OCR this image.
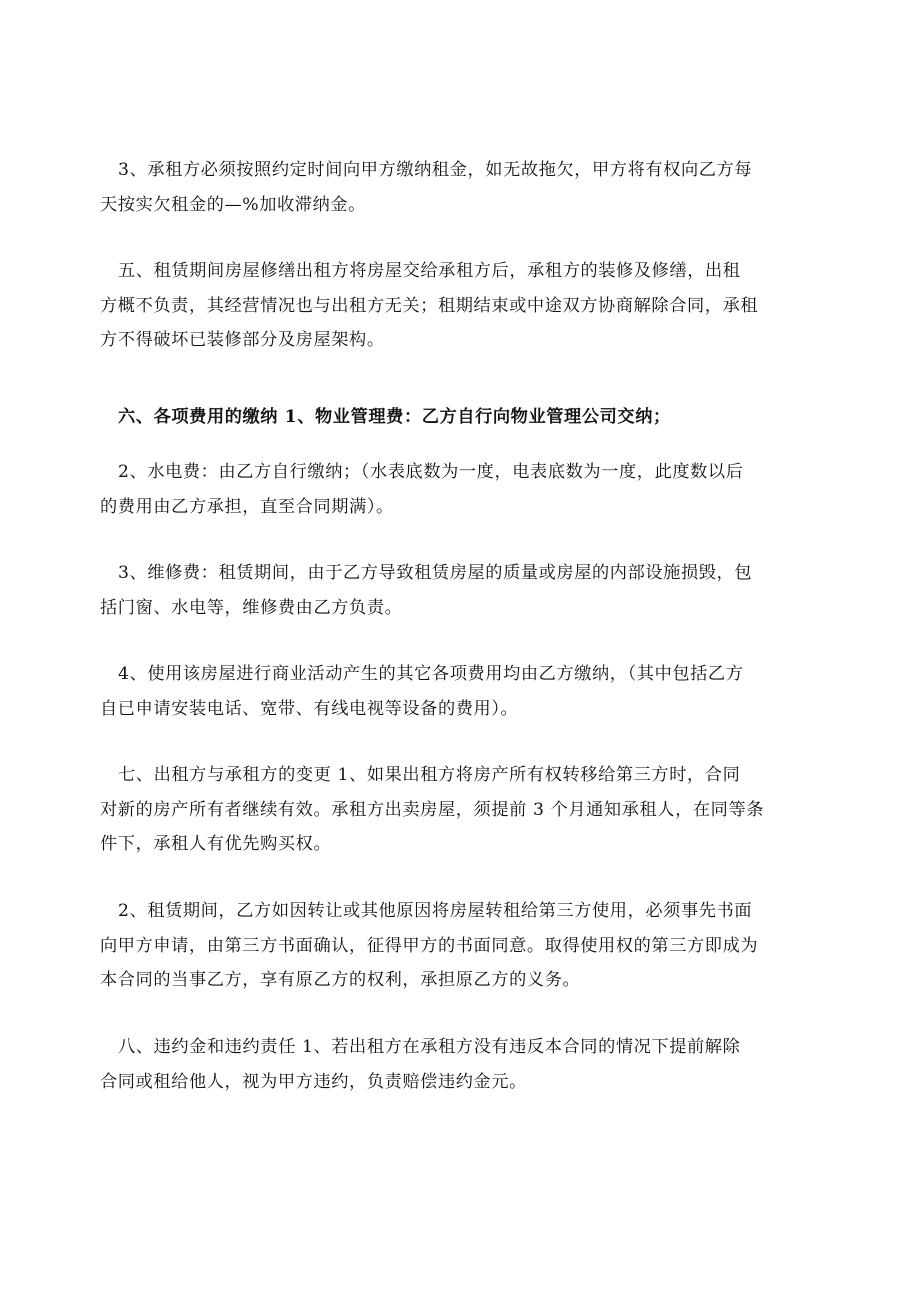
3、承租方必须按照约定时间向甲方缴纳租金，如无故拖欠，甲方将有权向乙方每
天按实欠租金的—%加收滞纳金。

五、租赁期间房屋修缮出租方将房屋交给承租方后，承租方的装修及修缮，出租
方概不负责，其经营情况也与出租方无关；租期结束或中途双方协商解除合同，承租
方不得破坏已装修部分及房屋架构。

六、各项费用的缴纳 1、物业管理费：乙方自行向物业管理公司交纳；

2、水电费：由乙方自行缴纳；（水表底数为一度，电表底数为一度，此度数以后
的费用由乙方承担，直至合同期满）。

3、维修费：租赁期间，由于乙方导致租赁房屋的质量或房屋的内部设施损毁，包
括门窗、水电等，维修费由乙方负责。

4、使用该房屋进行商业活动产生的其它各项费用均由乙方缴纳，（其中包括乙方
自已申请安装电话、宽带、有线电视等设备的费用）。

七、出租方与承租方的变更 1、如果出租方将房产所有权转移给第三方时，合同
对新的房产所有者继续有效。承租方出卖房屋，须提前 3 个月通知承租人，在同等条
件下，承租人有优先购买权。

2、租赁期间，乙方如因转让或其他原因将房屋转租给第三方使用，必须事先书面
向甲方申请，由第三方书面确认，征得甲方的书面同意。取得使用权的第三方即成为
本合同的当事乙方，享有原乙方的权利，承担原乙方的义务。

八、违约金和违约责任 1、若出租方在承租方没有违反本合同的情况下提前解除
合同或租给他人，视为甲方违约，负责赔偿违约金元。
